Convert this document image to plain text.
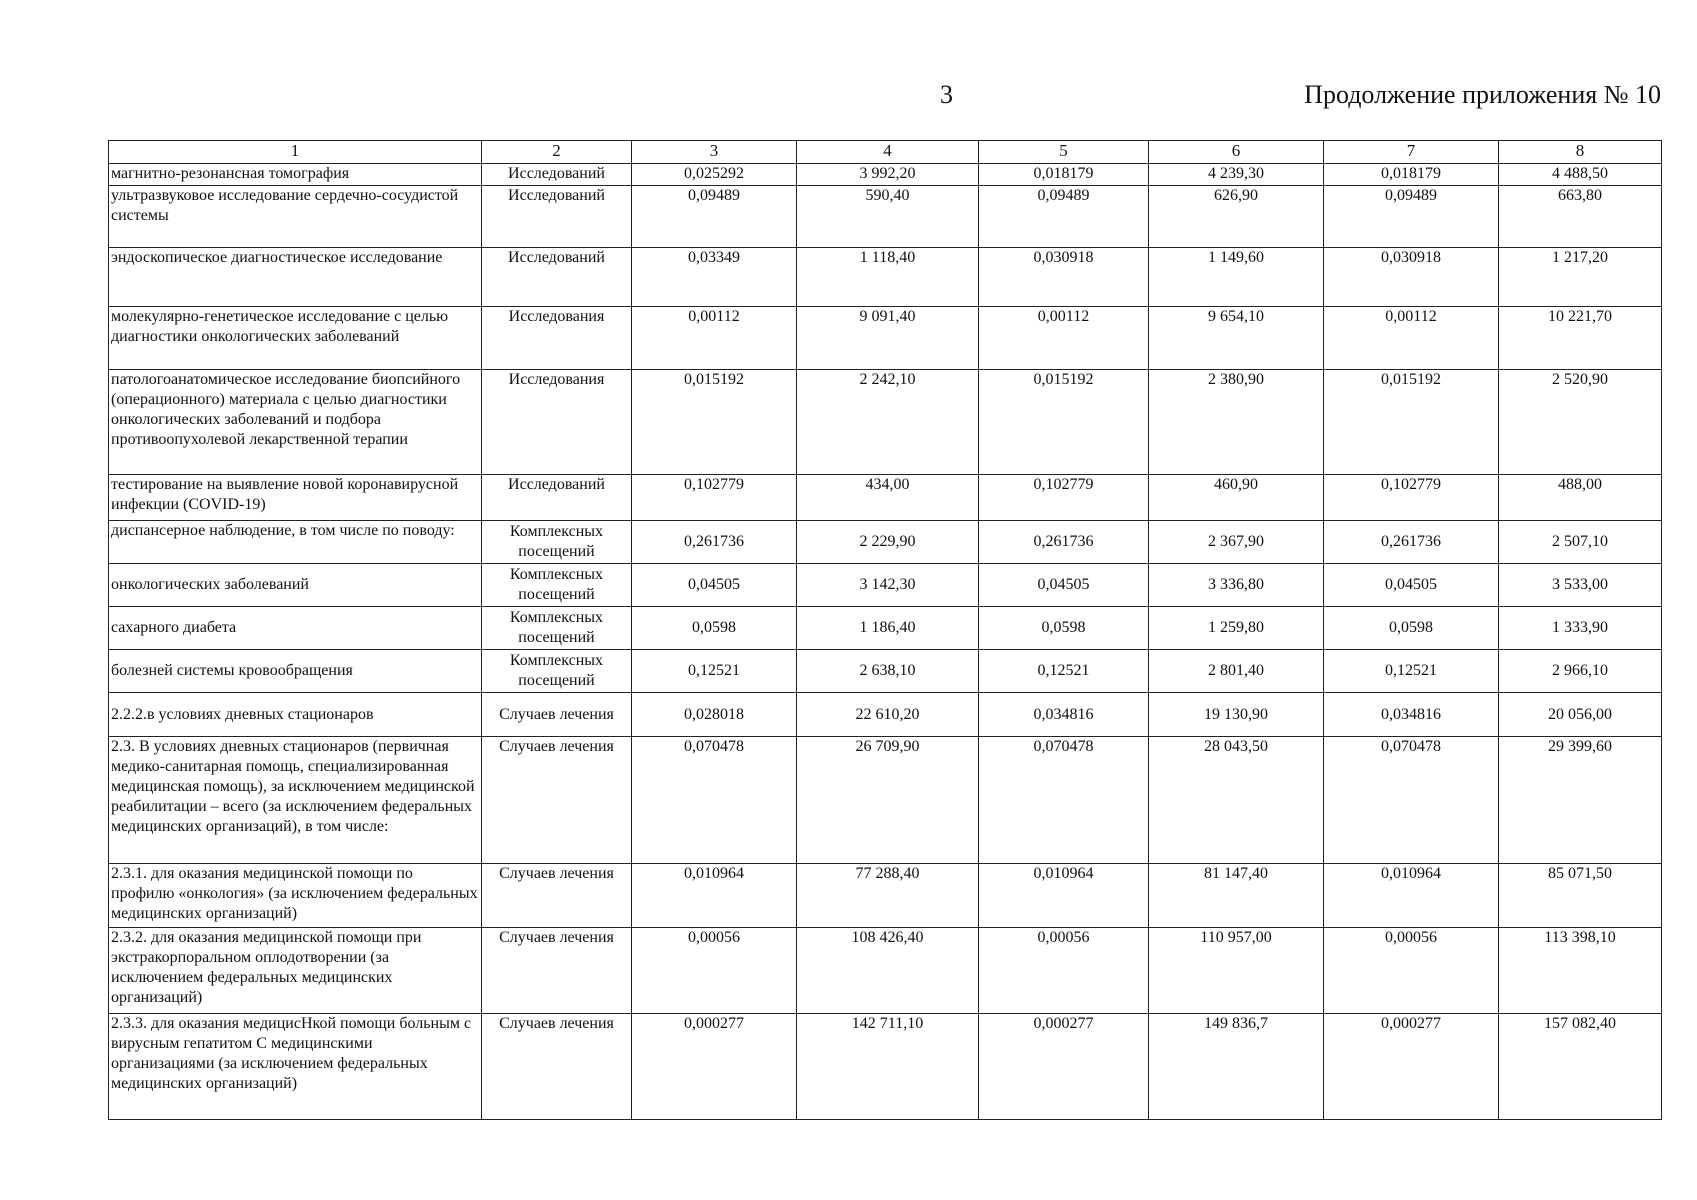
3	Продолжение приложения № 10
1	2	3	4	5	6	7	8
магнитно-резонансная томография	Исследований	0,025292	3 992,20	0,018179	4 239,30	0,018179	4 488,50
ультразвуковое исследование сердечно-сосудистой системы	Исследований	0,09489	590,40	0,09489	626,90	0,09489	663,80
эндоскопическое диагностическое исследование	Исследований	0,03349	1 118,40	0,030918	1 149,60	0,030918	1 217,20
молекулярно-генетическое исследование с целью диагностики онкологических заболеваний	Исследования	0,00112	9 091,40	0,00112	9 654,10	0,00112	10 221,70
патологоанатомическое исследование биопсийного (операционного) материала с целью диагностики онкологических заболеваний и подбора противоопухолевой лекарственной терапии	Исследования	0,015192	2 242,10	0,015192	2 380,90	0,015192	2 520,90
тестирование на выявление новой коронавирусной инфекции (COVID-19)	Исследований	0,102779	434,00	0,102779	460,90	0,102779	488,00
диспансерное наблюдение, в том числе по поводу:	Комплексных посещений	0,261736	2 229,90	0,261736	2 367,90	0,261736	2 507,10
онкологических заболеваний	Комплексных посещений	0,04505	3 142,30	0,04505	3 336,80	0,04505	3 533,00
сахарного диабета	Комплексных посещений	0,0598	1 186,40	0,0598	1 259,80	0,0598	1 333,90
болезней системы кровообращения	Комплексных посещений	0,12521	2 638,10	0,12521	2 801,40	0,12521	2 966,10
2.2.2.в условиях дневных стационаров	Случаев лечения	0,028018	22 610,20	0,034816	19 130,90	0,034816	20 056,00
2.3. В условиях дневных стационаров (первичная медико-санитарная помощь, специализированная медицинская помощь), за исключением медицинской реабилитации – всего (за исключением федеральных медицинских организаций), в том числе:	Случаев лечения	0,070478	26 709,90	0,070478	28 043,50	0,070478	29 399,60
2.3.1. для оказания медицинской помощи по профилю «онкология» (за исключением федеральных медицинских организаций)	Случаев лечения	0,010964	77 288,40	0,010964	81 147,40	0,010964	85 071,50
2.3.2. для оказания медицинской помощи при экстракорпоральном оплодотворении (за исключением федеральных медицинских организаций)	Случаев лечения	0,00056	108 426,40	0,00056	110 957,00	0,00056	113 398,10
2.3.3. для оказания медицисНкой помощи больным с вирусным гепатитом С медицинскими организациями (за исключением федеральных медицинских организаций)	Случаев лечения	0,000277	142 711,10	0,000277	149 836,7	0,000277	157 082,40
